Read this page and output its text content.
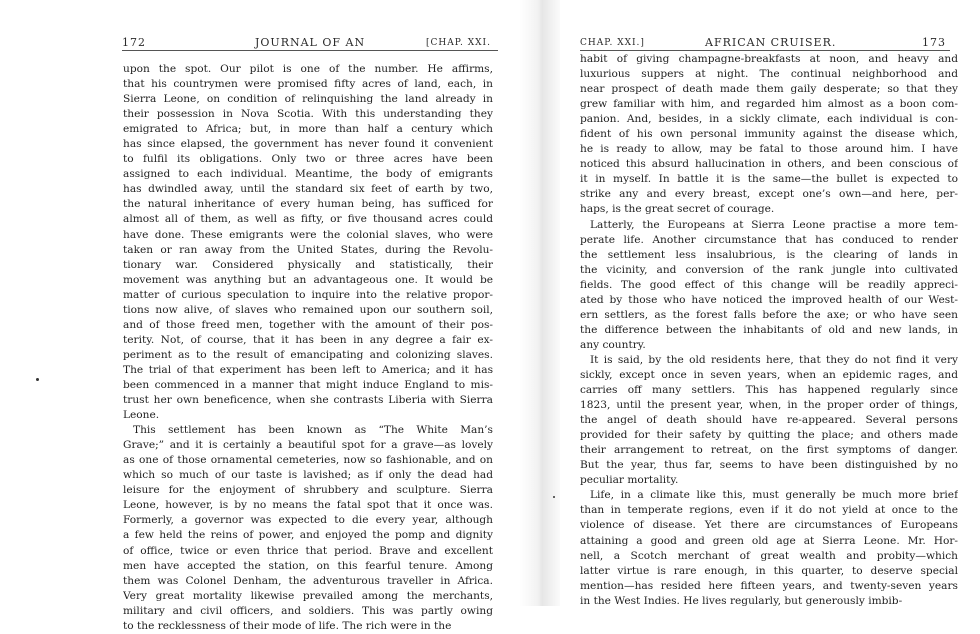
172	JOURNAL OF AN	[CHAP. XXI.
upon the spot. Our pilot is one of the number. He affirms,
that his countrymen were promised fifty acres of land, each, in
Sierra Leone, on condition of relinquishing the land already in
their possession in Nova Scotia. With this understanding they
emigrated to Africa; but, in more than half a century which
has since elapsed, the government has never found it convenient
to fulfil its obligations. Only two or three acres have been
assigned to each individual. Meantime, the body of emigrants
has dwindled away, until the standard six feet of earth by two,
the natural inheritance of every human being, has sufficed for
almost all of them, as well as fifty, or five thousand acres could
have done. These emigrants were the colonial slaves, who were
taken or ran away from the United States, during the Revolu-
tionary war. Considered physically and statistically, their
movement was anything but an advantageous one. It would be
matter of curious speculation to inquire into the relative propor-
tions now alive, of slaves who remained upon our southern soil,
and of those freed men, together with the amount of their pos-
terity. Not, of course, that it has been in any degree a fair ex-
periment as to the result of emancipating and colonizing slaves.
The trial of that experiment has been left to America; and it has
been commenced in a manner that might induce England to mis-
trust her own beneficence, when she contrasts Liberia with Sierra
Leone.
This settlement has been known as “The White Man’s
Grave;” and it is certainly a beautiful spot for a grave—as lovely
as one of those ornamental cemeteries, now so fashionable, and on
which so much of our taste is lavished; as if only the dead had
leisure for the enjoyment of shrubbery and sculpture. Sierra
Leone, however, is by no means the fatal spot that it once was.
Formerly, a governor was expected to die every year, although
a few held the reins of power, and enjoyed the pomp and dignity
of office, twice or even thrice that period. Brave and excellent
men have accepted the station, on this fearful tenure. Among
them was Colonel Denham, the adventurous traveller in Africa.
Very great mortality likewise prevailed among the merchants,
military and civil officers, and soldiers. This was partly owing
to the recklessness of their mode of life. The rich were in the
CHAP. XXI.]	AFRICAN CRUISER.	173
habit of giving champagne-breakfasts at noon, and heavy and
luxurious suppers at night. The continual neighborhood and
near prospect of death made them gaily desperate; so that they
grew familiar with him, and regarded him almost as a boon com-
panion. And, besides, in a sickly climate, each individual is con-
fident of his own personal immunity against the disease which,
he is ready to allow, may be fatal to those around him. I have
noticed this absurd hallucination in others, and been conscious of
it in myself. In battle it is the same—the bullet is expected to
strike any and every breast, except one’s own—and here, per-
haps, is the great secret of courage.
Latterly, the Europeans at Sierra Leone practise a more tem-
perate life. Another circumstance that has conduced to render
the settlement less insalubrious, is the clearing of lands in
the vicinity, and conversion of the rank jungle into cultivated
fields. The good effect of this change will be readily appreci-
ated by those who have noticed the improved health of our West-
ern settlers, as the forest falls before the axe; or who have seen
the difference between the inhabitants of old and new lands, in
any country.
It is said, by the old residents here, that they do not find it very
sickly, except once in seven years, when an epidemic rages, and
carries off many settlers. This has happened regularly since
1823, until the present year, when, in the proper order of things,
the angel of death should have re-appeared. Several persons
provided for their safety by quitting the place; and others made
their arrangement to retreat, on the first symptoms of danger.
But the year, thus far, seems to have been distinguished by no
peculiar mortality.
Life, in a climate like this, must generally be much more brief
than in temperate regions, even if it do not yield at once to the
violence of disease. Yet there are circumstances of Europeans
attaining a good and green old age at Sierra Leone. Mr. Hor-
nell, a Scotch merchant of great wealth and probity—which
latter virtue is rare enough, in this quarter, to deserve special
mention—has resided here fifteen years, and twenty-seven years
in the West Indies. He lives regularly, but generously imbib-
